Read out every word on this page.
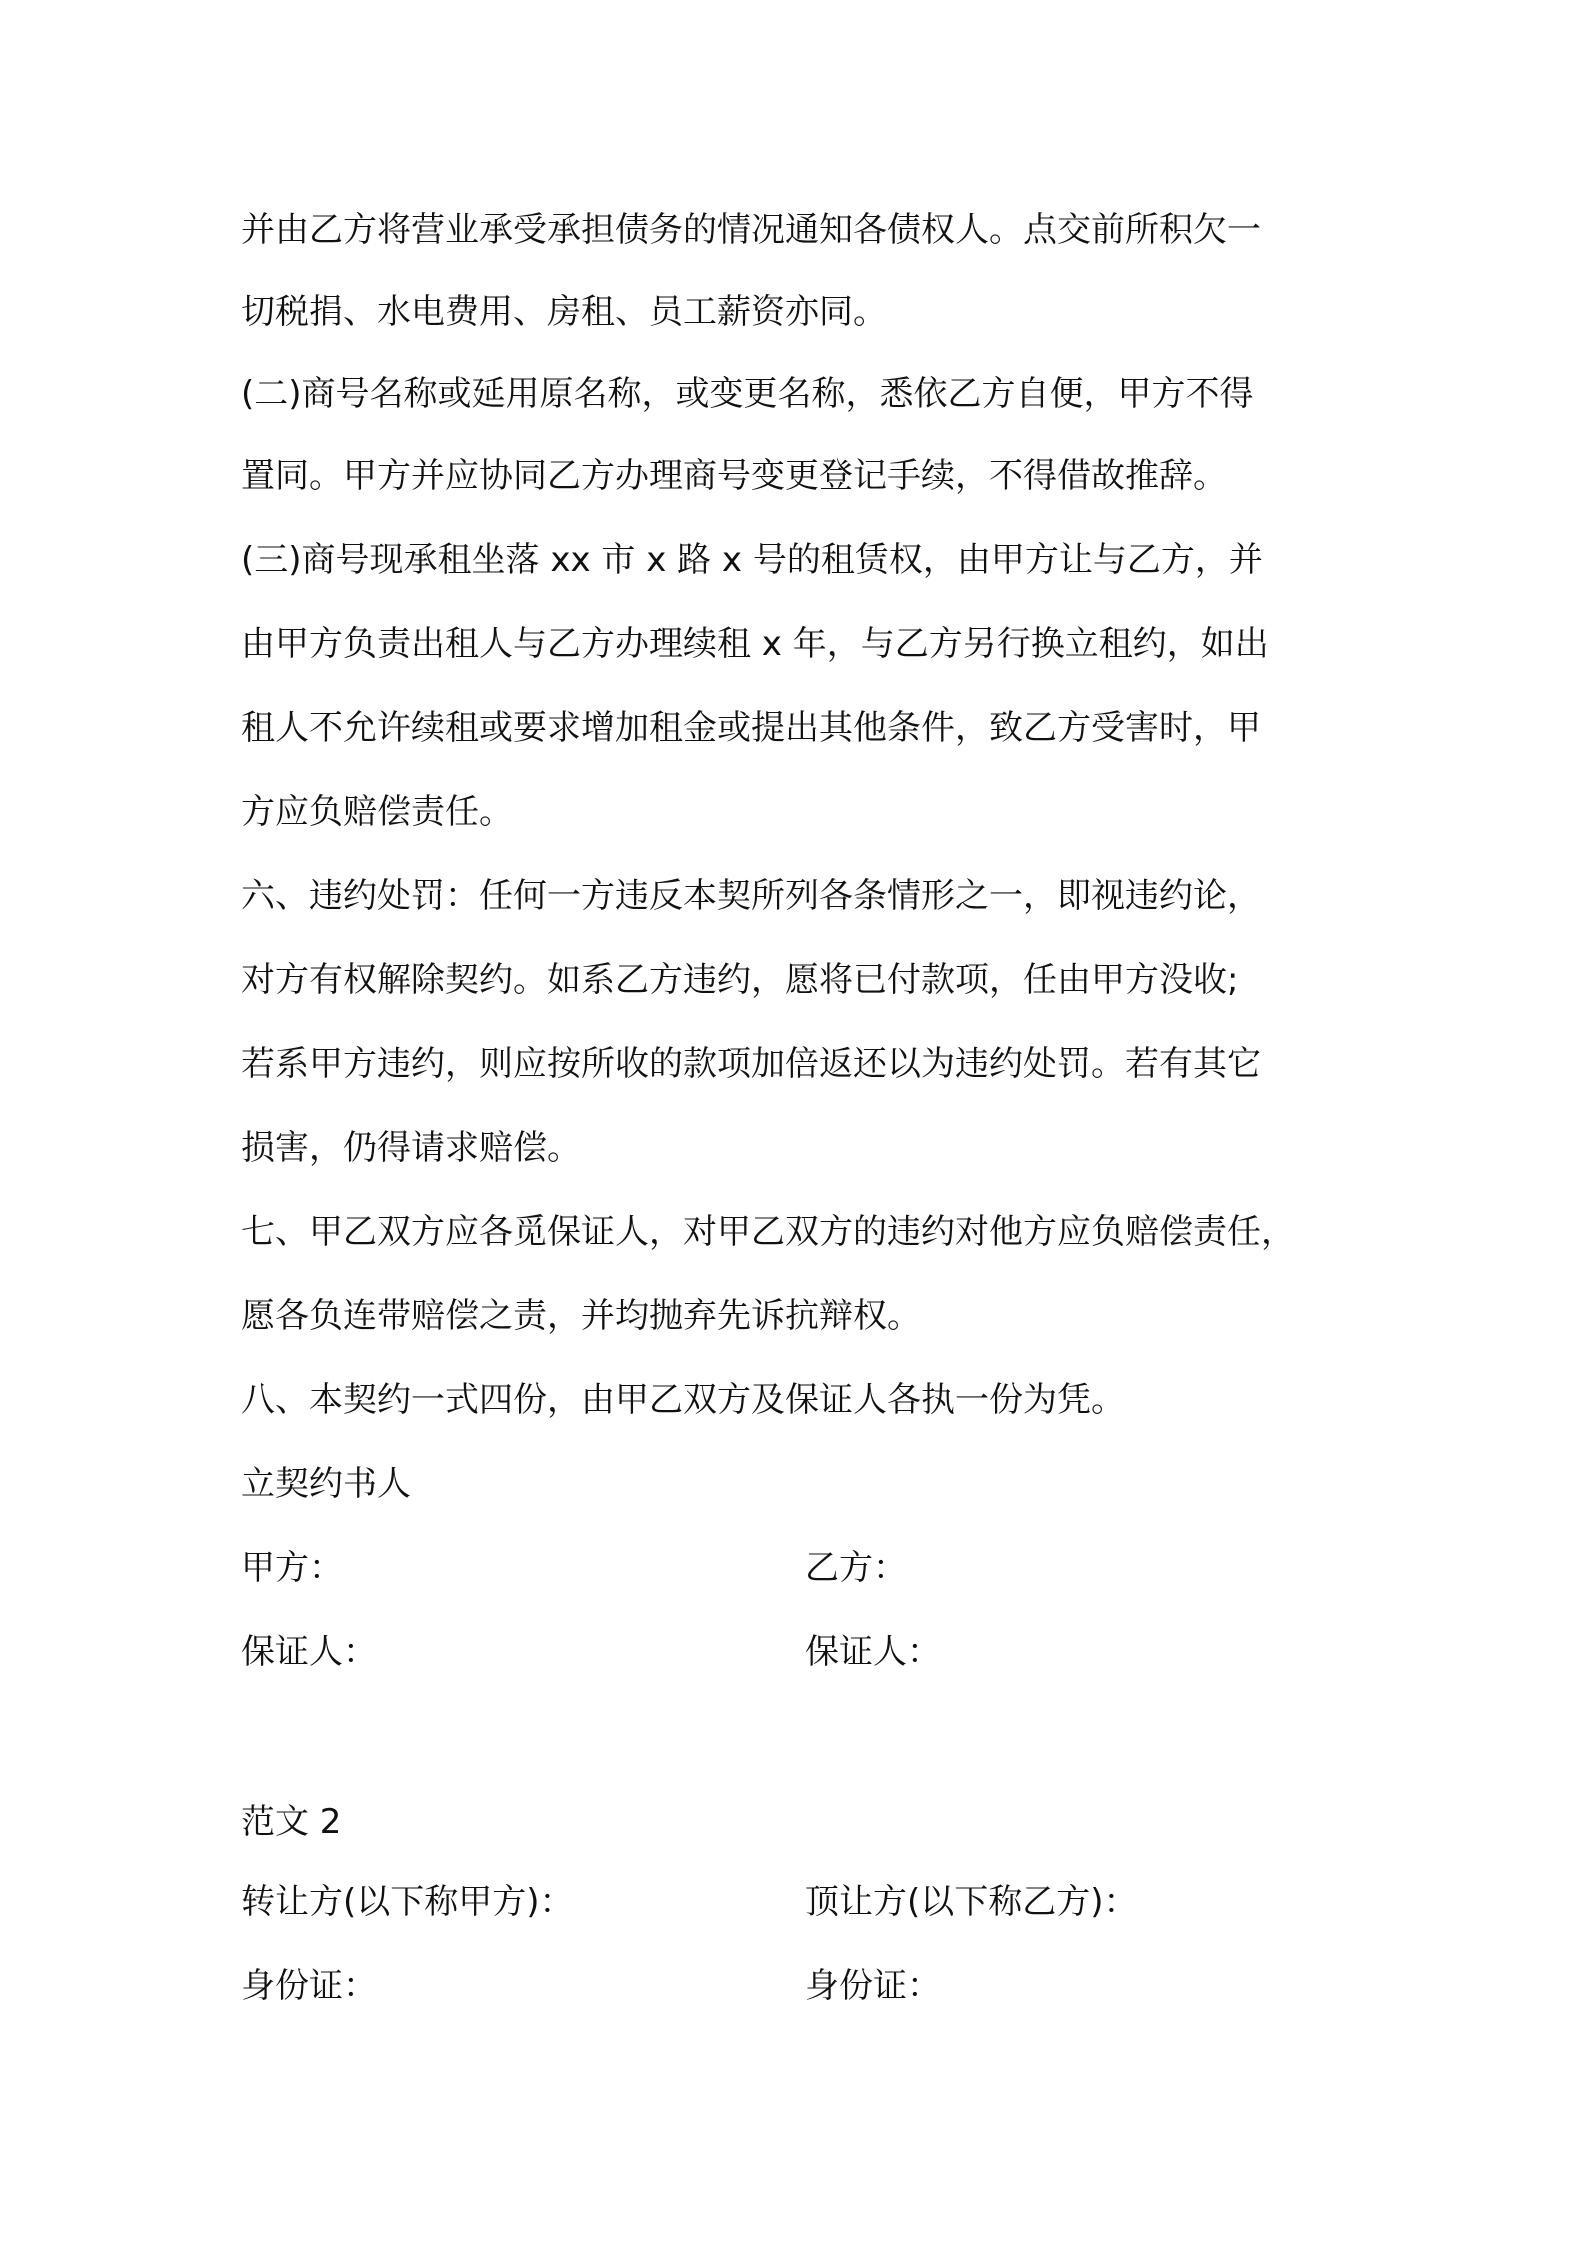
并由乙方将营业承受承担债务的情况通知各债权人。点交前所积欠一
切税捐、水电费用、房租、员工薪资亦同。
(二)商号名称或延用原名称，或变更名称，悉依乙方自便，甲方不得
置同。甲方并应协同乙方办理商号变更登记手续，不得借故推辞。
(三)商号现承租坐落 xx 市 x 路 x 号的租赁权，由甲方让与乙方，并
由甲方负责出租人与乙方办理续租 x 年，与乙方另行换立租约，如出
租人不允许续租或要求增加租金或提出其他条件，致乙方受害时，甲
方应负赔偿责任。
六、违约处罚：任何一方违反本契所列各条情形之一，即视违约论，
对方有权解除契约。如系乙方违约，愿将已付款项，任由甲方没收;
若系甲方违约，则应按所收的款项加倍返还以为违约处罚。若有其它
损害，仍得请求赔偿。
七、甲乙双方应各觅保证人，对甲乙双方的违约对他方应负赔偿责任，
愿各负连带赔偿之责，并均抛弃先诉抗辩权。
八、本契约一式四份，由甲乙双方及保证人各执一份为凭。
立契约书人
甲方：	乙方：
保证人：	保证人：
范文 2
转让方(以下称甲方)：	顶让方(以下称乙方)：
身份证：	身份证：
